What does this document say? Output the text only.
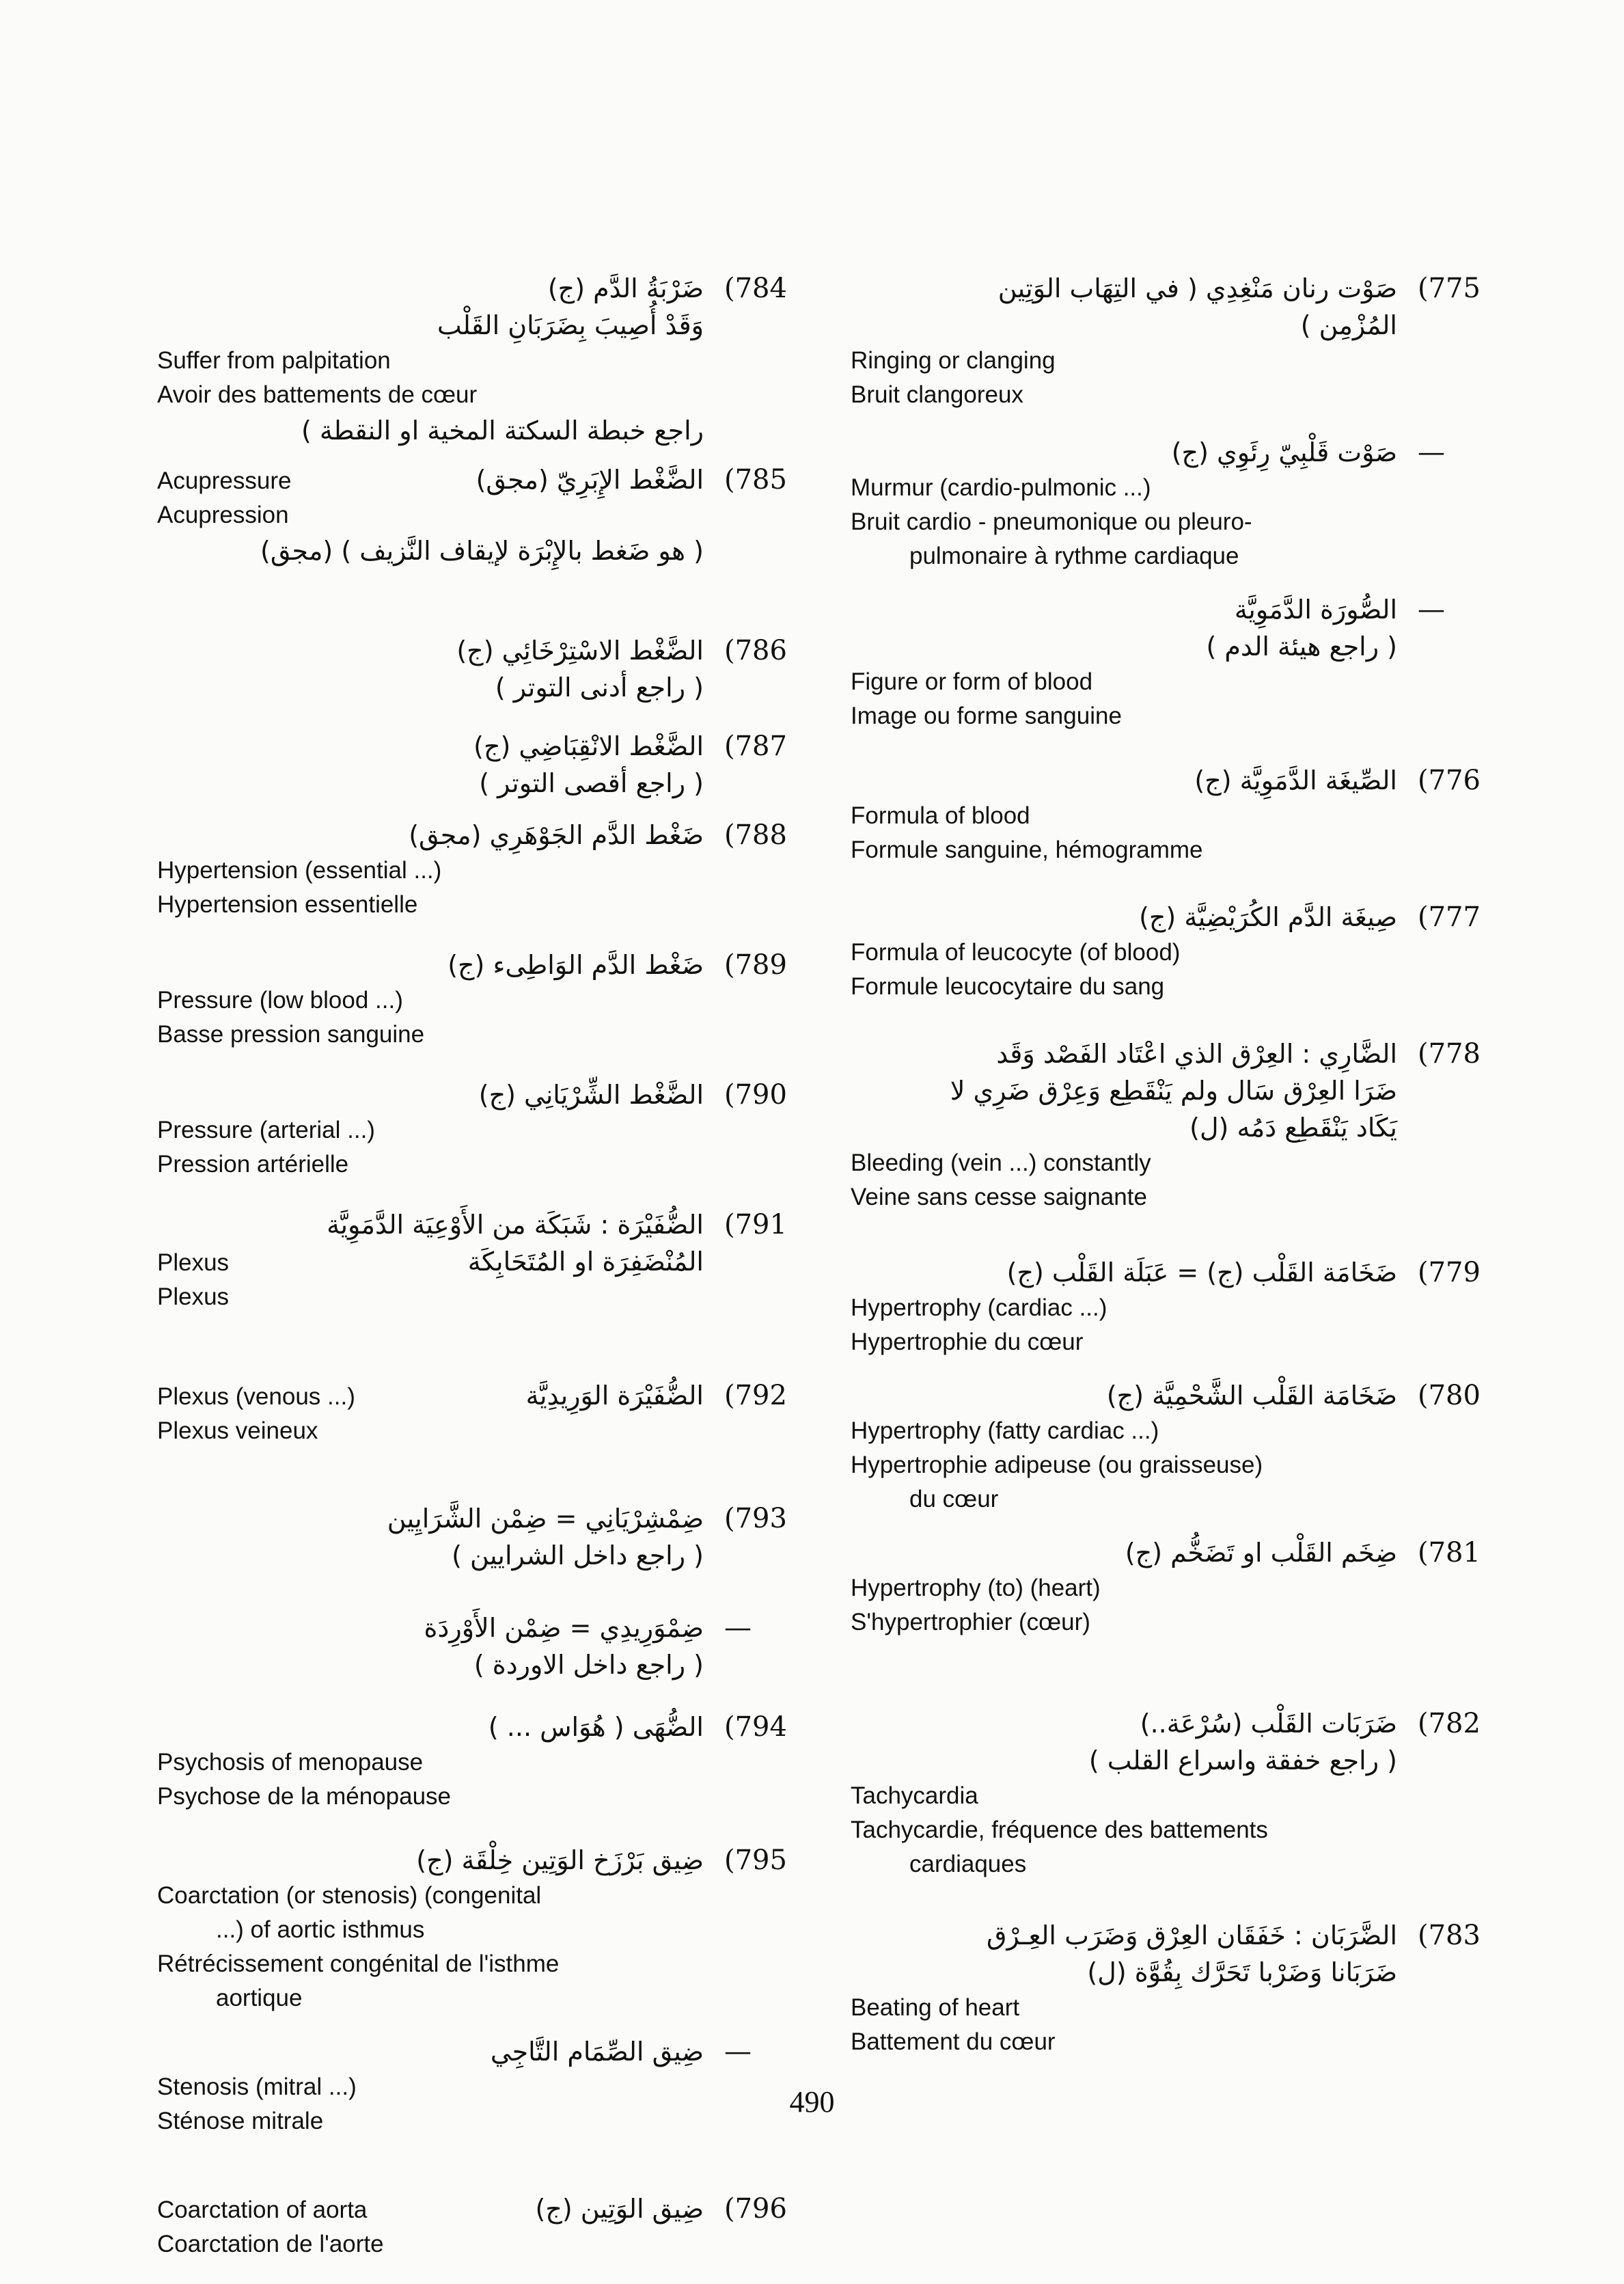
(784

ضَرْبَةُ الدَّم (ج)

وَقَدْ أُصِيبَ بِضَرَبَانِ القَلْب

Suffer from palpitation

Avoir des battements de cœur

راجع خبطة السكتة المخية او النقطة )

(785

Acupressure	الضَّغْط الإِبَرِيّ (مجق)

Acupression

( هو ضَغط بالإِبْرَة لإيقاف النَّزيف ) (مجق)

(786

الضَّغْط الاسْتِرْخَائِي (ج)

( راجع أدنى التوتر )

(787

الضَّغْط الانْقِبَاضِي (ج)

( راجع أقصى التوتر )

(788

ضَغْط الدَّم الجَوْهَرِي (مجق)

Hypertension (essential ...)

Hypertension essentielle

(789

ضَغْط الدَّم الوَاطِىء (ج)

Pressure (low blood ...)

Basse pression sanguine

(790

الضَّغْط الشِّرْيَانِي (ج)

Pressure (arterial ...)

Pression artérielle

(791

الضُّفَيْرَة : شَبَكَة من الأَوْعِيَة الدَّمَوِيَّة

Plexus	المُنْضَفِرَة او المُتَحَابِكَة

Plexus

(792

Plexus (venous ...)	الضُّفَيْرَة الوَرِيدِيَّة

Plexus veineux

(793

ضِمْشِرْيَانِي = ضِمْن الشَّرَايِين

( راجع داخل الشرايين )

—

ضِمْوَرِيدِي = ضِمْن الأَوْرِدَة

( راجع داخل الاوردة )

(794

الضُّهَى ( هُوَاس ... )

Psychosis of menopause

Psychose de la ménopause

(795

ضِيق بَرْزَخ الوَتِين خِلْقَة (ج)

Coarctation (or stenosis) (congenital

...) of aortic isthmus

Rétrécissement congénital de l'isthme

aortique

—

ضِيق الصِّمَام التَّاجِي

Stenosis (mitral ...)

Sténose mitrale

(796

Coarctation of aorta	ضِيق الوَتِين (ج)

Coarctation de l'aorte

(775

صَوْت رنان مَنْغِدِي ( في التِهَاب الوَتِين

المُزْمِن )

Ringing or clanging

Bruit clangoreux

—

صَوْت قَلْبِيّ رِئَوِي (ج)

Murmur (cardio-pulmonic ...)

Bruit cardio - pneumonique ou pleuro-

pulmonaire à rythme cardiaque

—

الصُّورَة الدَّمَوِيَّة

( راجع هيئة الدم )

Figure or form of blood

Image ou forme sanguine

(776

الصِّيغَة الدَّمَوِيَّة (ج)

Formula of blood

Formule sanguine, hémogramme

(777

صِيغَة الدَّم الكُرَيْضِيَّة (ج)

Formula of leucocyte (of blood)

Formule leucocytaire du sang

(778

الضَّارِي : العِرْق الذي اعْتَاد الفَصْد وَقَد

ضَرَا العِرْق سَال ولم يَنْقَطِع وَعِرْق ضَرِي لا

يَكَاد يَنْقَطِع دَمُه (ل)

Bleeding (vein ...) constantly

Veine sans cesse saignante

(779

ضَخَامَة القَلْب (ج) = عَبَلَة القَلْب (ج)

Hypertrophy (cardiac ...)

Hypertrophie du cœur

(780

ضَخَامَة القَلْب الشَّحْمِيَّة (ج)

Hypertrophy (fatty cardiac ...)

Hypertrophie adipeuse (ou graisseuse)

du cœur

(781

ضِخَم القَلْب او تَضَخُّم (ج)

Hypertrophy (to) (heart)

S'hypertrophier (cœur)

(782

ضَرَبَات القَلْب (سُرْعَة..)

( راجع خفقة واسراع القلب )

Tachycardia

Tachycardie, fréquence des battements

cardiaques

(783

الضَّرَبَان : خَفَقَان العِرْق وَضَرَب العِـرْق

ضَرَبَانا وَضَرْبا تَحَرَّك بِقُوَّة (ل)

Beating of heart

Battement du cœur

490
